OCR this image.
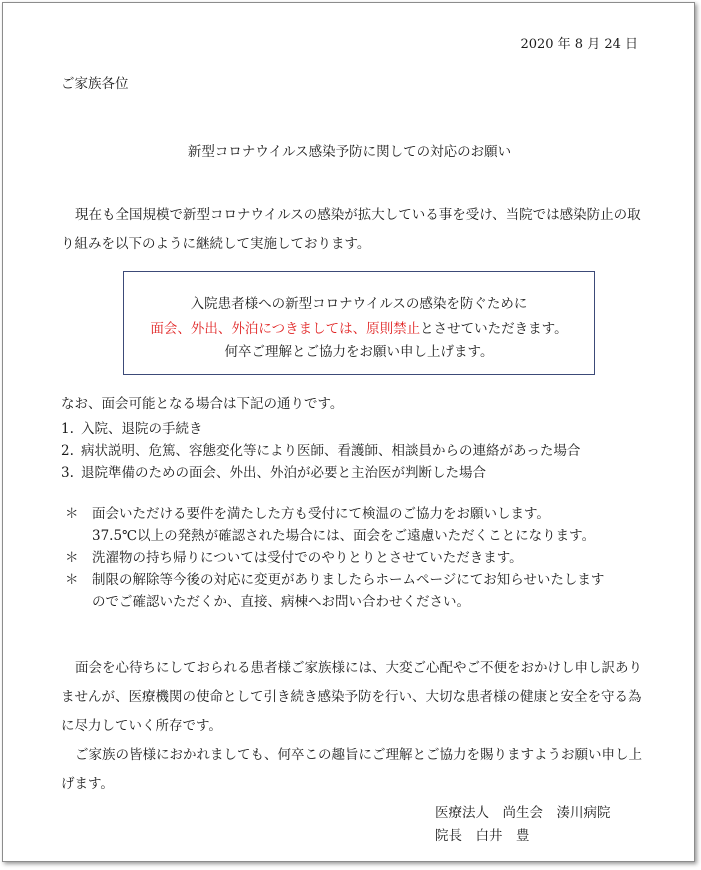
2020 年 8 月 24 日
ご家族各位
新型コロナウイルス感染予防に関しての対応のお願い
現在も全国規模で新型コロナウイルスの感染が拡大している事を受け、当院では感染防止の取り組みを以下のように継続して実施しております。
入院患者様への新型コロナウイルスの感染を防ぐために
面会、外出、外泊につきましては、原則禁止とさせていただきます。
何卒ご理解とご協力をお願い申し上げます。
なお、面会可能となる場合は下記の通りです。
1. 入院、退院の手続き
2. 病状説明、危篤、容態変化等により医師、看護師、相談員からの連絡があった場合
3. 退院準備のための面会、外出、外泊が必要と主治医が判断した場合
＊ 面会いただける要件を満たした方も受付にて検温のご協力をお願いします。
37.5℃以上の発熱が確認された場合には、面会をご遠慮いただくことになります。
＊ 洗濯物の持ち帰りについては受付でのやりとりとさせていただきます。
＊ 制限の解除等今後の対応に変更がありましたらホームページにてお知らせいたします
のでご確認いただくか、直接、病棟へお問い合わせください。
面会を心待ちにしておられる患者様ご家族様には、大変ご心配やご不便をおかけし申し訳ありませんが、医療機関の使命として引き続き感染予防を行い、大切な患者様の健康と安全を守る為に尽力していく所存です。
ご家族の皆様におかれましても、何卒この趣旨にご理解とご協力を賜りますようお願い申し上げます。
医療法人　尚生会　湊川病院
院長　白井　豊
